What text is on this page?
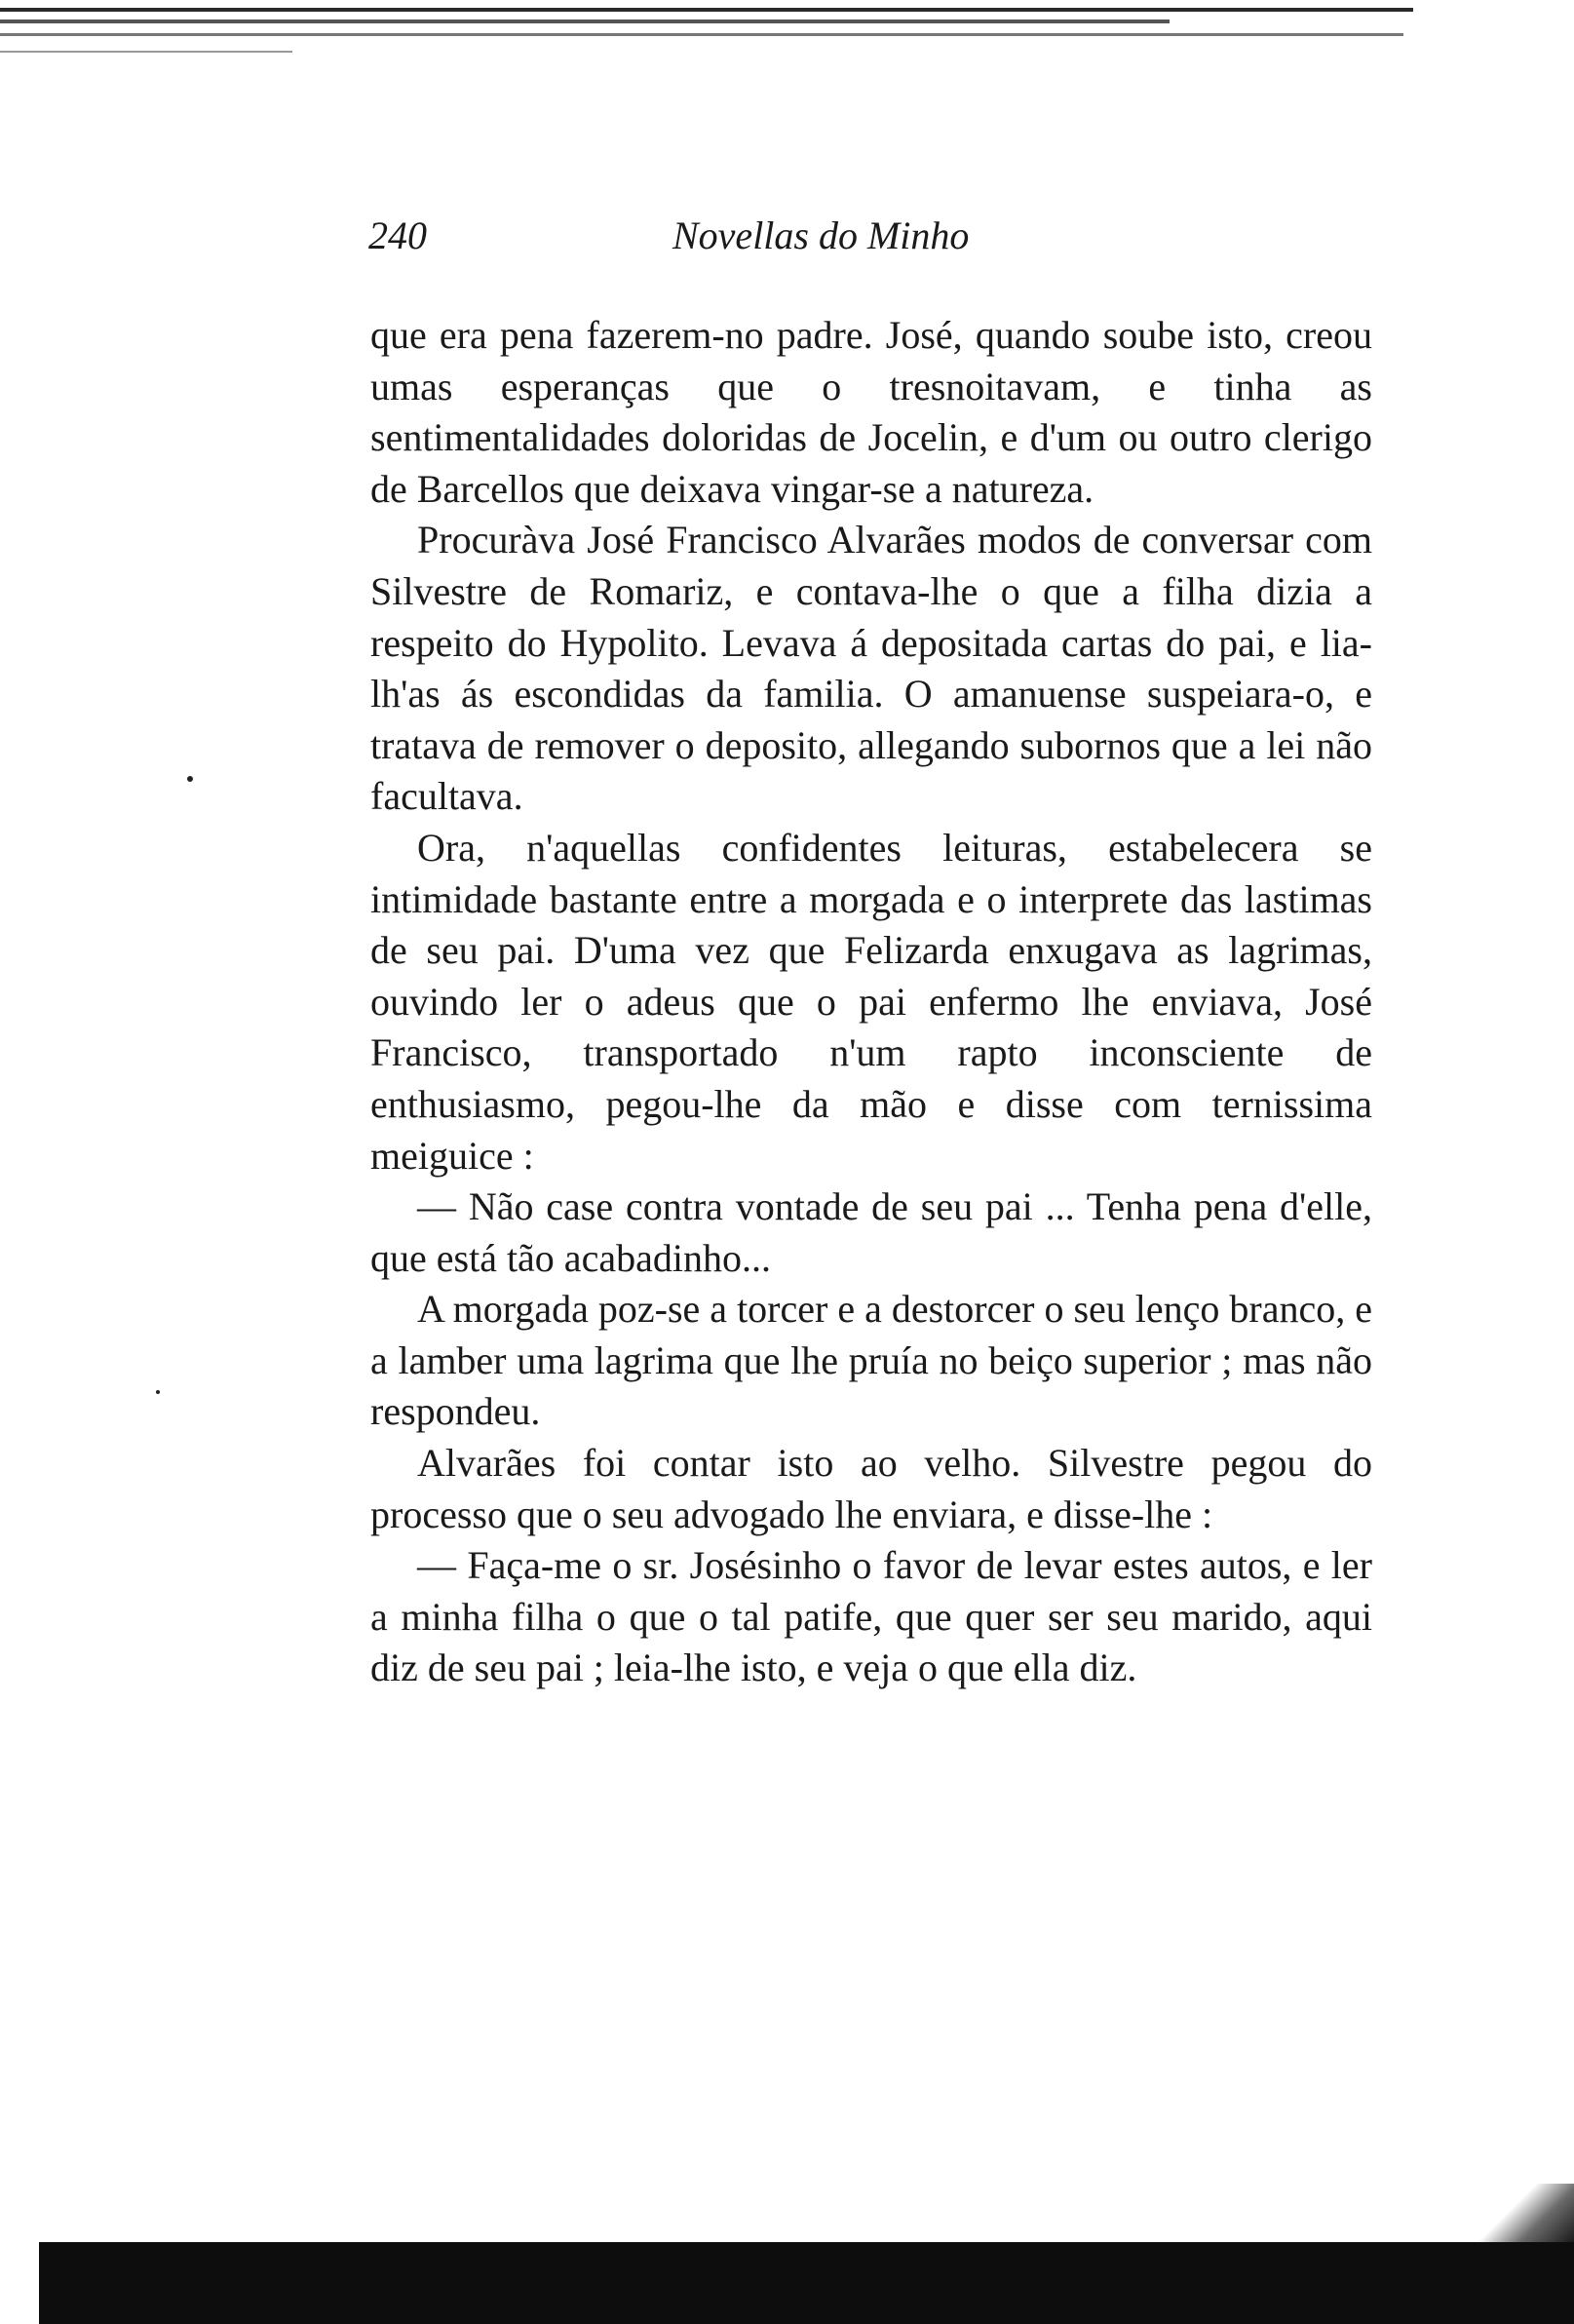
240	Novellas do Minho

que era pena fazerem-no padre. José, quando soube isto, creou umas esperanças que o tresnoitavam, e tinha as sentimentalidades doloridas de Jocelin, e d'um ou outro clerigo de Barcellos que deixava vingar-se a natureza.

Procuràva José Francisco Alvarães modos de conversar com Silvestre de Romariz, e contava-lhe o que a filha dizia a respeito do Hypolito. Levava á depositada cartas do pai, e lia-lh'as ás escondidas da familia. O amanuense suspei⁤ara-o, e tratava de remover o deposito, allegando subornos que a lei não facultava.

Ora, n'aquellas confidentes leituras, estabelecera se intimidade bastante entre a morgada e o interprete das lastimas de seu pai. D'uma vez que Felizarda enxugava as lagrimas, ouvindo ler o adeus que o pai enfermo lhe enviava, José Francisco, transportado n'um rapto inconsciente de enthusiasmo, pegou-lhe da mão e disse com ternissima meiguice :

— Não case contra vontade de seu pai ... Tenha pena d'elle, que está tão acabadinho...

A morgada poz-se a torcer e a destorcer o seu lenço branco, e a lamber uma lagrima que lhe pruía no beiço superior ; mas não respondeu.

Alvarães foi contar isto ao velho. Silvestre pegou do processo que o seu advogado lhe enviara, e disse-lhe :

— Faça-me o sr. Josésinho o favor de levar estes autos, e ler a minha filha o que o tal patife, que quer ser seu marido, aqui diz de seu pai ; leia-lhe isto, e veja o que ella diz.
